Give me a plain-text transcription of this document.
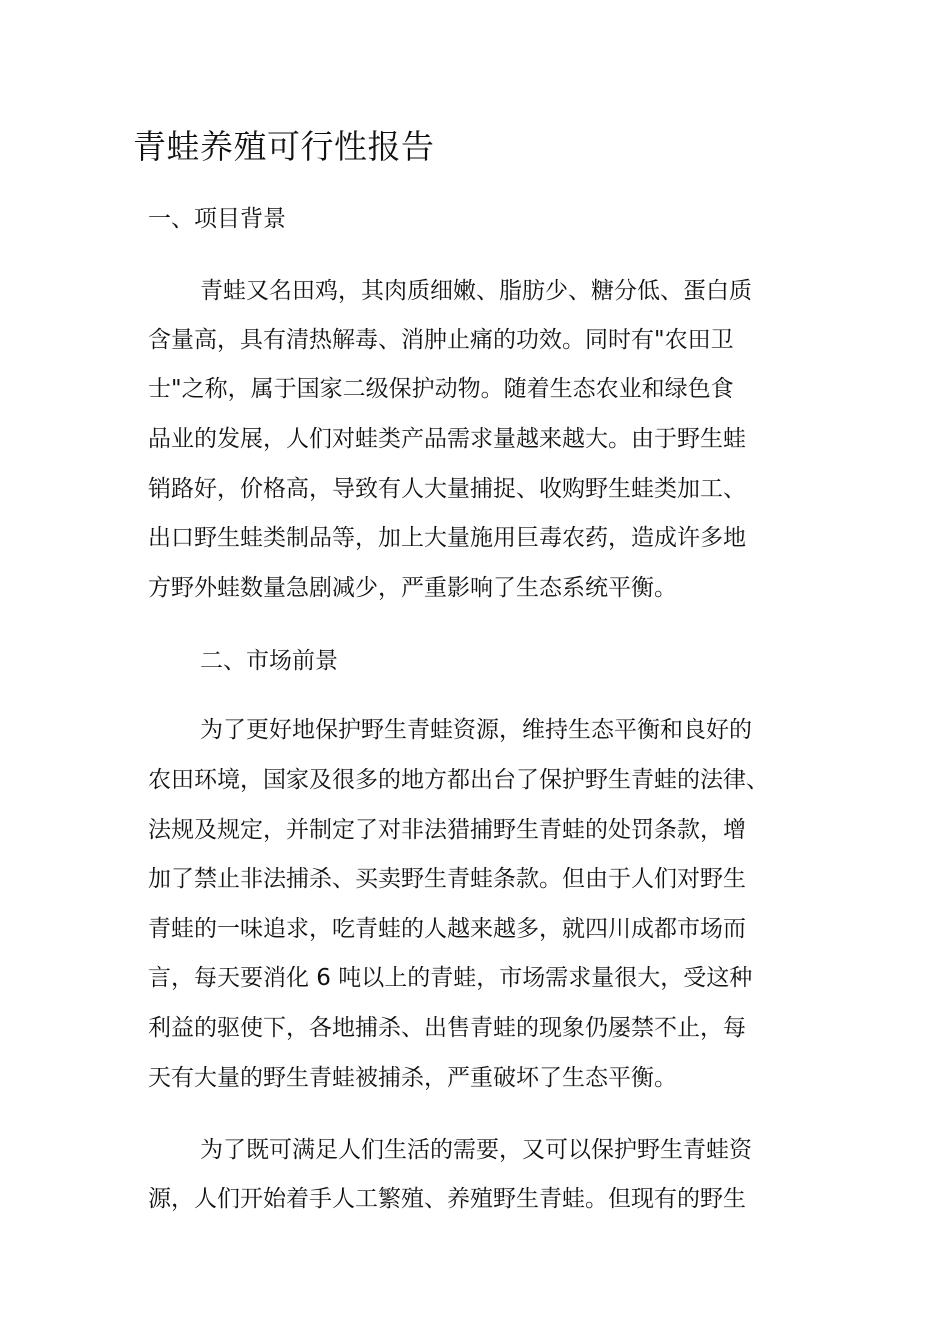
青蛙养殖可行性报告
一、项目背景
青蛙又名田鸡，其肉质细嫩、脂肪少、糖分低、蛋白质
含量高，具有清热解毒、消肿止痛的功效。同时有"农田卫
士"之称，属于国家二级保护动物。随着生态农业和绿色食
品业的发展，人们对蛙类产品需求量越来越大。由于野生蛙
销路好，价格高，导致有人大量捕捉、收购野生蛙类加工、
出口野生蛙类制品等，加上大量施用巨毒农药，造成许多地
方野外蛙数量急剧减少，严重影响了生态系统平衡。
二、市场前景
为了更好地保护野生青蛙资源，维持生态平衡和良好的
农田环境，国家及很多的地方都出台了保护野生青蛙的法律、
法规及规定，并制定了对非法猎捕野生青蛙的处罚条款，增
加了禁止非法捕杀、买卖野生青蛙条款。但由于人们对野生
青蛙的一味追求，吃青蛙的人越来越多，就四川成都市场而
言，每天要消化 6 吨以上的青蛙，市场需求量很大，受这种
利益的驱使下，各地捕杀、出售青蛙的现象仍屡禁不止，每
天有大量的野生青蛙被捕杀，严重破坏了生态平衡。
为了既可满足人们生活的需要，又可以保护野生青蛙资
源，人们开始着手人工繁殖、养殖野生青蛙。但现有的野生
